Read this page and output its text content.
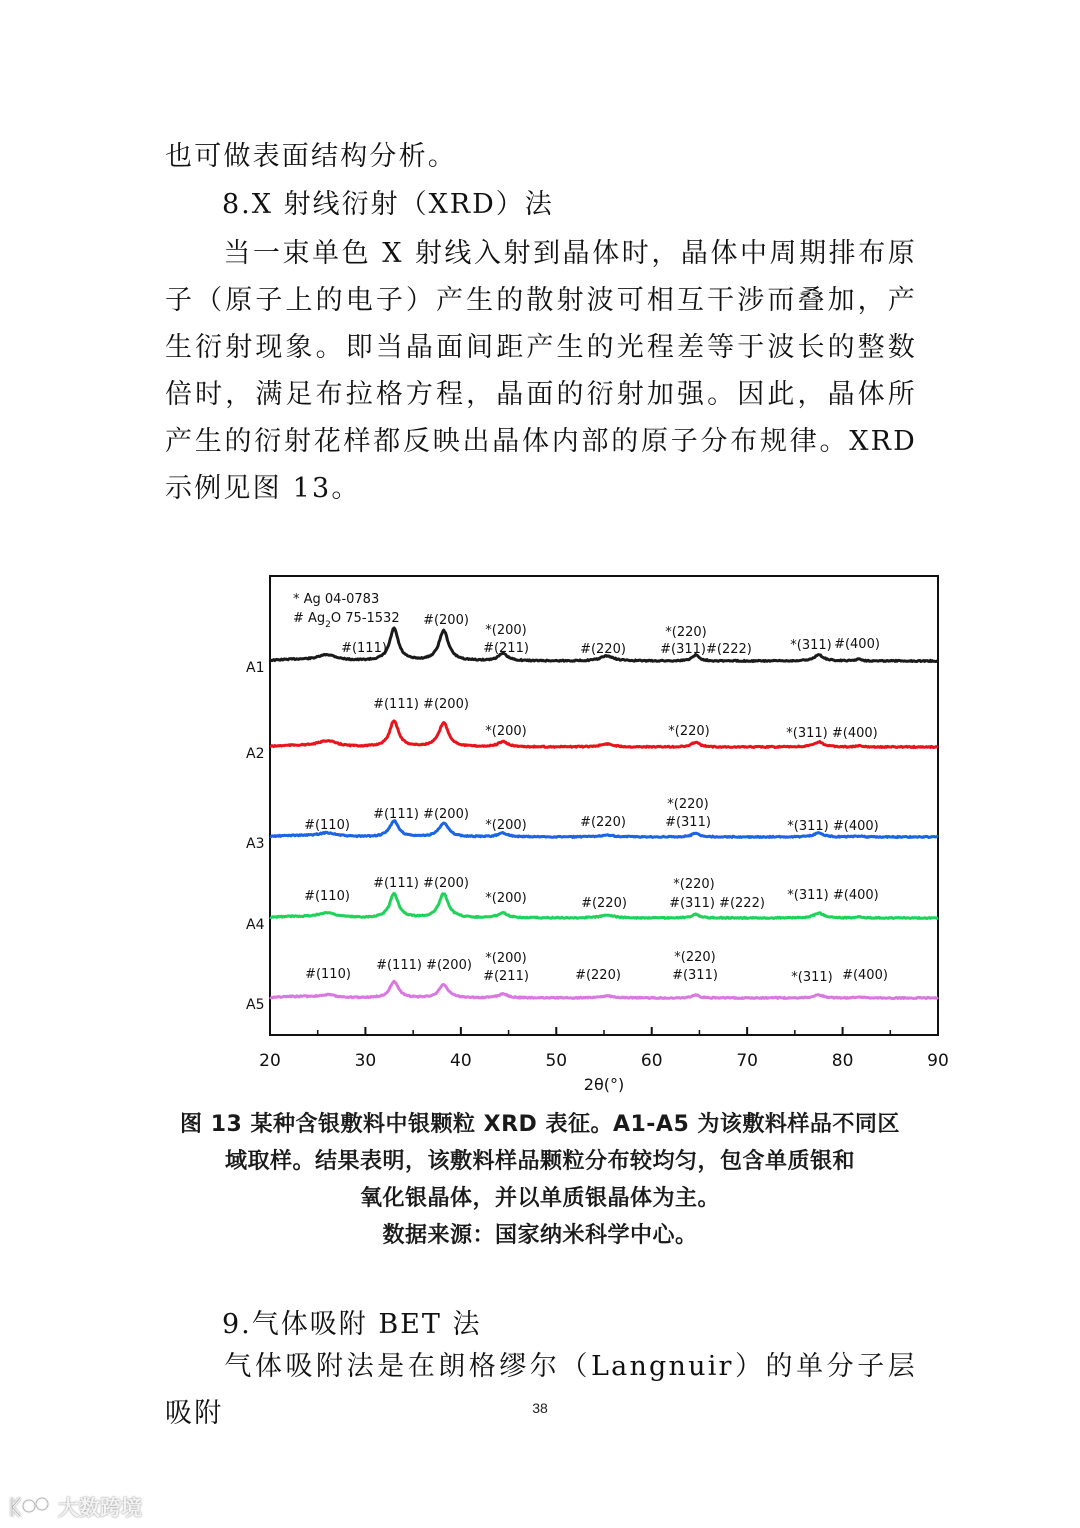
也可做表面结构分析。

8.X 射线衍射（XRD）法

当一束单色 X 射线入射到晶体时，晶体中周期排布原子（原子上的电子）产生的散射波可相互干涉而叠加，产生衍射现象。即当晶面间距产生的光程差等于波长的整数倍时，满足布拉格方程，晶面的衍射加强。因此，晶体所产生的衍射花样都反映出晶体内部的原子分布规律。XRD 示例见图 13。

20	30	40	50	60	70	80	90
2θ(°)
* Ag 04-0783
# $Ag_2O$ 75-1532
A1
#(111)
#(200)
*(200)
#(211)	#(220)
*(220)
#(311)#(222)	*(311) #(400)
A2
#(111) #(200)
*(200)	*(220)	*(311) #(400)
A3
#(110)
#(111) #(200)
*(200)	#(220)
*(220)
#(311)	*(311) #(400)
A4
#(110)
#(111) #(200)
*(200)	#(220)
*(220)
#(311) #(222)
*(311) #(400)
A5
#(110)
#(111) #(200) *(200)
#(211)	#(220)
*(220)
#(311)	*(311) #(400)
图 13 某种含银敷料中银颗粒 XRD 表征。A1-A5 为该敷料样品不同区
域取样。结果表明，该敷料样品颗粒分布较均匀，包含单质银和
氧化银晶体，并以单质银晶体为主。
数据来源：国家纳米科学中心。
9.气体吸附 BET 法

气体吸附法是在朗格缪尔（Langnuir）的单分子层吸附	38
大数跨境
